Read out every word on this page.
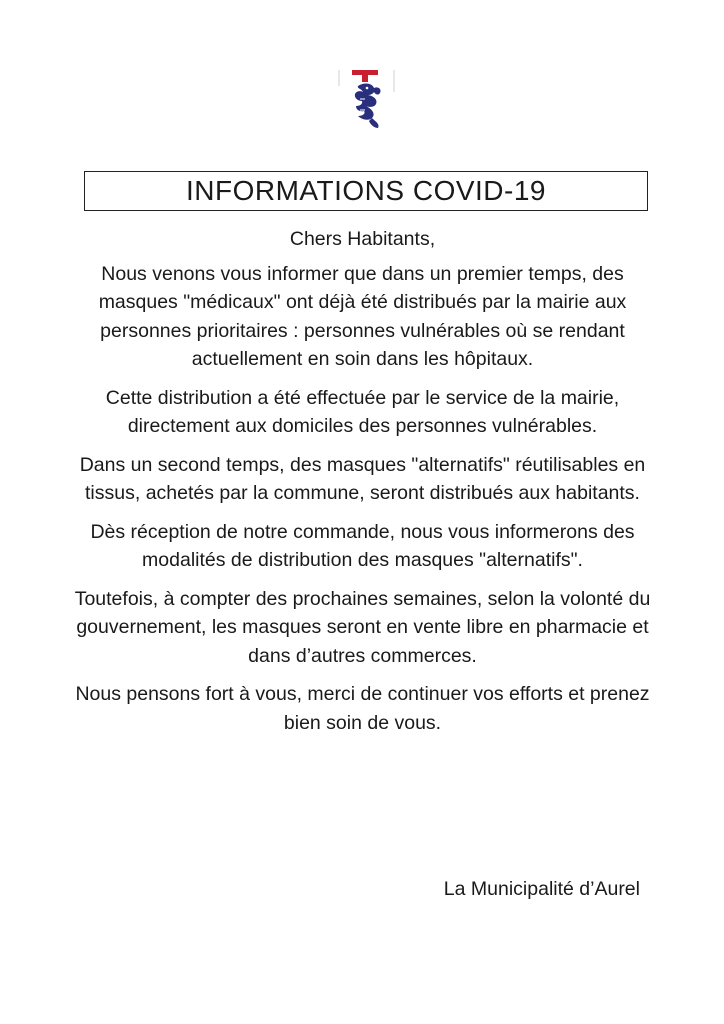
INFORMATIONS COVID-19

Chers Habitants,

Nous venons vous informer que dans un premier temps, des masques "médicaux" ont déjà été distribués par la mairie aux personnes prioritaires : personnes vulnérables où se rendant actuellement en soin dans les hôpitaux.

Cette distribution a été effectuée par le service de la mairie, directement aux domiciles des personnes vulnérables.

Dans un second temps, des masques "alternatifs" réutilisables en tissus, achetés par la commune, seront distribués aux habitants.

Dès réception de notre commande, nous vous informerons des modalités de distribution des masques "alternatifs".

Toutefois, à compter des prochaines semaines, selon la volonté du gouvernement, les masques seront en vente libre en pharmacie et dans d’autres commerces.

Nous pensons fort à vous, merci de continuer vos efforts et prenez bien soin de vous.

La Municipalité d’Aurel
